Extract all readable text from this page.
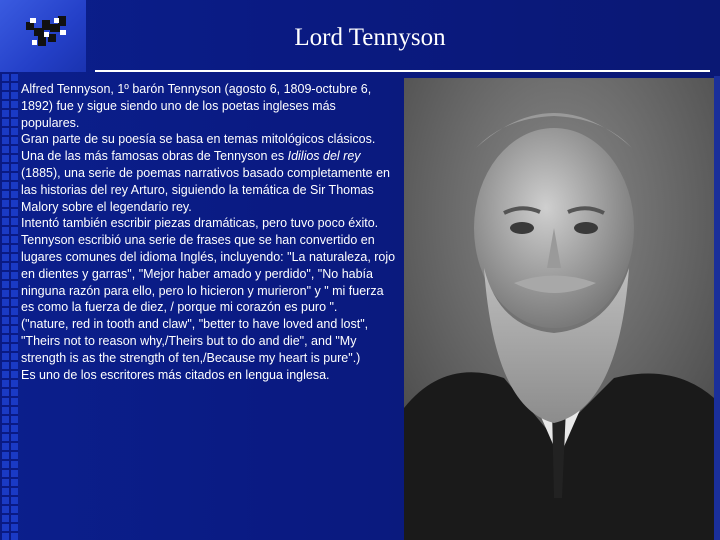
Lord Tennyson

Alfred Tennyson, 1º barón Tennyson (agosto 6, 1809-octubre 6, 1892) fue y sigue siendo uno de los poetas ingleses más populares.

Gran parte de su poesía se basa en temas mitológicos clásicos. Una de las más famosas obras de Tennyson es Idilios del rey (1885), una serie de poemas narrativos basado completamente en las historias del rey Arturo, siguiendo la temática de Sir Thomas Malory sobre el legendario rey.

Intentó también escribir piezas dramáticas, pero tuvo poco éxito.

Tennyson escribió una serie de frases que se han convertido en lugares comunes del idioma Inglés, incluyendo: "La naturaleza, rojo en dientes y garras", "Mejor haber amado y perdido", "No había ninguna razón para ello, pero lo hicieron y murieron" y " mi fuerza es como la fuerza de diez, / porque mi corazón es puro ".

("nature, red in tooth and claw", "better to have loved and lost", "Theirs not to reason why,/Theirs but to do and die", and "My strength is as the strength of ten,/Because my heart is pure".)

Es uno de los escritores más citados en lengua inglesa.
